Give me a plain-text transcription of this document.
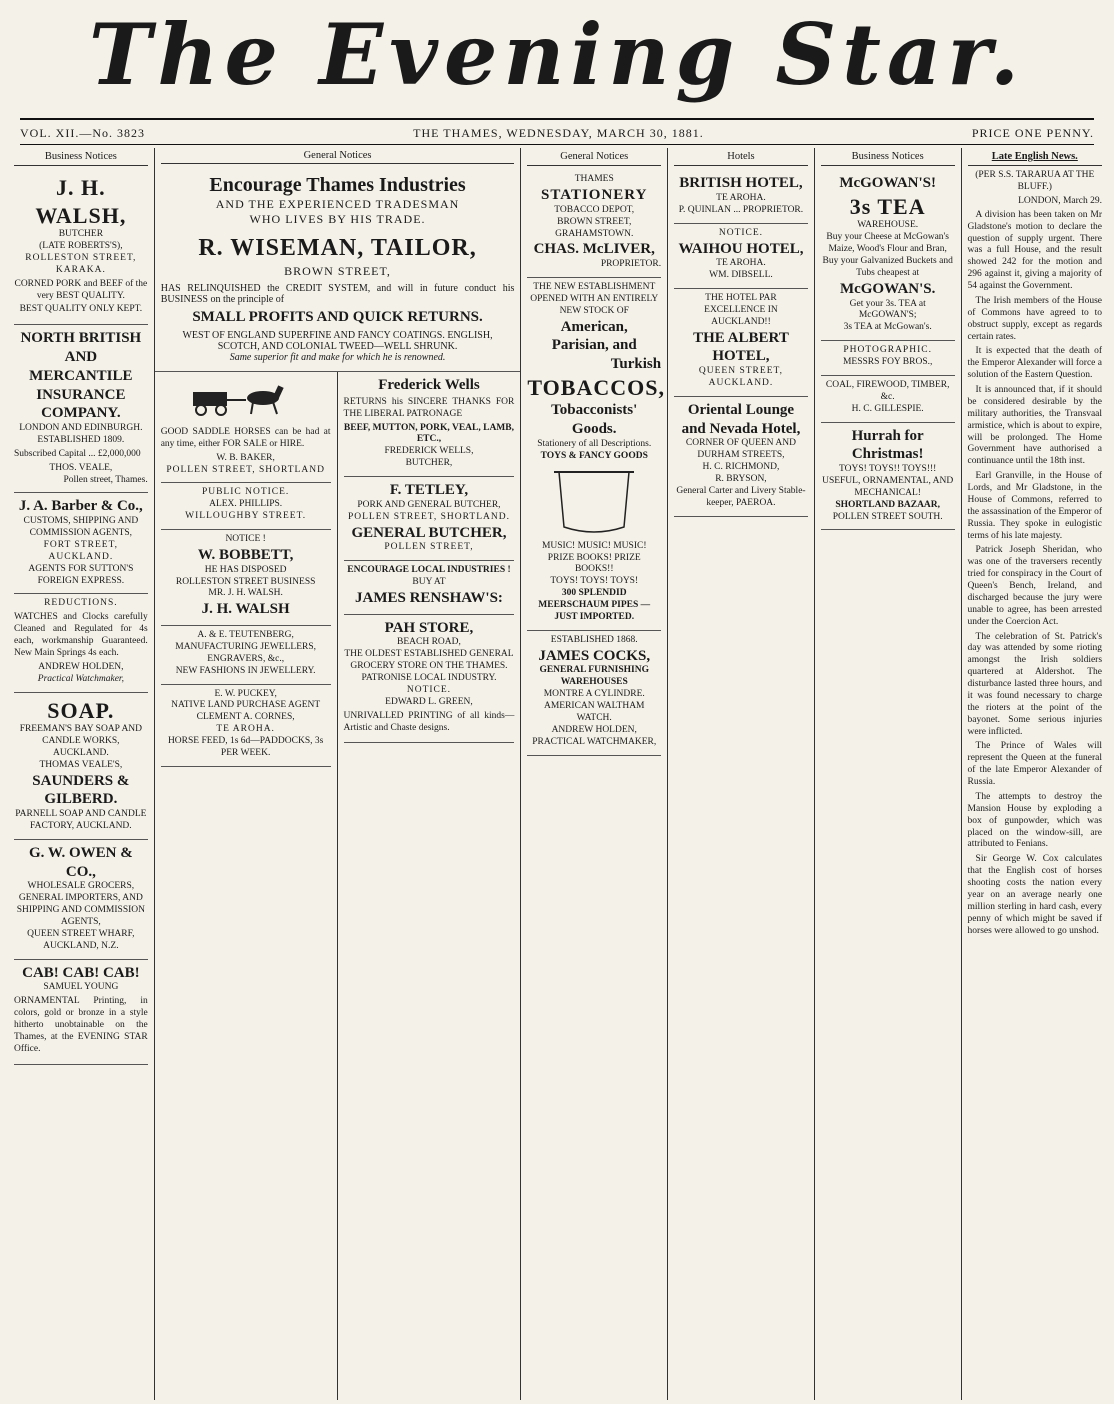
The Evening Star.
VOL. XII.—No. 3823	THE THAMES, WEDNESDAY, MARCH 30, 1881.	PRICE ONE PENNY.
Business Notices
J. H. WALSH,
BUTCHER
(LATE ROBERTS'S),
ROLLESTON STREET, KARAKA.

CORNED PORK and BEEF of the very BEST QUALITY.

BEST QUALITY ONLY KEPT.

NORTH BRITISH AND MERCANTILE INSURANCE COMPANY.
LONDON AND EDINBURGH.
ESTABLISHED 1809.

Subscribed Capital ... £2,000,000

THOS. VEALE,
Pollen street, Thames.
J. A. Barber & Co.,
CUSTOMS, SHIPPING AND COMMISSION AGENTS,
FORT STREET, AUCKLAND.
AGENTS FOR SUTTON'S FOREIGN EXPRESS.
REDUCTIONS.

WATCHES and Clocks carefully Cleaned and Regulated for 4s each, workmanship Guaranteed. New Main Springs 4s each.

ANDREW HOLDEN,
Practical Watchmaker,
SOAP.
FREEMAN'S BAY SOAP AND CANDLE WORKS, AUCKLAND.
THOMAS VEALE'S,
SAUNDERS & GILBERD.
PARNELL SOAP AND CANDLE FACTORY, AUCKLAND.
G. W. OWEN & CO.,
WHOLESALE GROCERS, GENERAL IMPORTERS, AND SHIPPING AND COMMISSION AGENTS,
QUEEN STREET WHARF, AUCKLAND, N.Z.
CAB! CAB! CAB!
SAMUEL YOUNG

ORNAMENTAL Printing, in colors, gold or bronze in a style hitherto unobtainable on the Thames, at the EVENING STAR Office.

General Notices
Encourage Thames Industries
AND THE EXPERIENCED TRADESMAN
WHO LIVES BY HIS TRADE.
R. WISEMAN, TAILOR,
BROWN STREET,

HAS RELINQUISHED the CREDIT SYSTEM, and will in future conduct his BUSINESS on the principle of

SMALL PROFITS AND QUICK RETURNS.

WEST OF ENGLAND SUPERFINE AND FANCY COATINGS. ENGLISH, SCOTCH, AND COLONIAL TWEED—WELL SHRUNK.

Same superior fit and make for which he is renowned.

GOOD SADDLE HORSES can be had at any time, either FOR SALE or HIRE.

W. B. BAKER,
POLLEN STREET, SHORTLAND
PUBLIC NOTICE.
ALEX. PHILLIPS.
WILLOUGHBY STREET.
NOTICE !
W. BOBBETT,
HE HAS DISPOSED
ROLLESTON STREET BUSINESS
MR. J. H. WALSH.
J. H. WALSH
A. & E. TEUTENBERG,
MANUFACTURING JEWELLERS, ENGRAVERS, &c.,
NEW FASHIONS IN JEWELLERY.
E. W. PUCKEY,
NATIVE LAND PURCHASE AGENT
CLEMENT A. CORNES,
TE AROHA.
HORSE FEED, 1s 6d—PADDOCKS, 3s PER WEEK.
Frederick Wells

RETURNS his SINCERE THANKS FOR THE LIBERAL PATRONAGE

BEEF, MUTTON, PORK, VEAL, LAMB, ETC.,
FREDERICK WELLS,
BUTCHER,
F. TETLEY,
PORK AND GENERAL BUTCHER,
POLLEN STREET, SHORTLAND.
GENERAL BUTCHER,
POLLEN STREET,
ENCOURAGE LOCAL INDUSTRIES !
BUY AT
JAMES RENSHAW'S:
PAH STORE,
BEACH ROAD,
THE OLDEST ESTABLISHED GENERAL GROCERY STORE ON THE THAMES.
PATRONISE LOCAL INDUSTRY.
NOTICE.
EDWARD L. GREEN,

UNRIVALLED PRINTING of all kinds—Artistic and Chaste designs.

General Notices
THAMES
STATIONERY
TOBACCO DEPOT,
BROWN STREET, GRAHAMSTOWN.
CHAS. McLIVER,
PROPRIETOR.
THE NEW ESTABLISHMENT
OPENED WITH AN ENTIRELY NEW STOCK OF
American,
Parisian, and
Turkish
TOBACCOS,
Tobacconists' Goods.
Stationery of all Descriptions.
TOYS & FANCY GOODS
MUSIC! MUSIC! MUSIC!
PRIZE BOOKS! PRIZE BOOKS!!
TOYS! TOYS! TOYS!
300 SPLENDID MEERSCHAUM PIPES —JUST IMPORTED.
ESTABLISHED 1868.
JAMES COCKS,
GENERAL FURNISHING WAREHOUSES
MONTRE A CYLINDRE.
AMERICAN WALTHAM WATCH.
ANDREW HOLDEN,
PRACTICAL WATCHMAKER,
Hotels
BRITISH HOTEL,
TE AROHA.
P. QUINLAN ... PROPRIETOR.
NOTICE.
WAIHOU HOTEL,
TE AROHA.
WM. DIBSELL.
THE HOTEL PAR EXCELLENCE IN AUCKLAND!!
THE ALBERT HOTEL,
QUEEN STREET, AUCKLAND.
Oriental Lounge and Nevada Hotel,
CORNER OF QUEEN AND DURHAM STREETS,
H. C. RICHMOND,
R. BRYSON,
General Carter and Livery Stable-keeper, PAEROA.
Business Notices
McGOWAN'S!
3s TEA
WAREHOUSE.
Buy your Cheese at McGowan's
Maize, Wood's Flour and Bran,
Buy your Galvanized Buckets and Tubs cheapest at
McGOWAN'S.
Get your 3s. TEA at McGOWAN'S;
3s TEA at McGowan's.
PHOTOGRAPHIC.
MESSRS FOY BROS.,
COAL, FIREWOOD, TIMBER, &c.
H. C. GILLESPIE.
Hurrah for Christmas!
TOYS! TOYS!! TOYS!!!
USEFUL, ORNAMENTAL, AND MECHANICAL!
SHORTLAND BAZAAR,
POLLEN STREET SOUTH.
Late English News.
(PER S.S. TARARUA AT THE BLUFF.)
LONDON, March 29.

A division has been taken on Mr Gladstone's motion to declare the question of supply urgent. There was a full House, and the result showed 242 for the motion and 296 against it, giving a majority of 54 against the Government.

The Irish members of the House of Commons have agreed to to obstruct supply, except as regards certain rates.

It is expected that the death of the Emperor Alexander will force a solution of the Eastern Question.

It is announced that, if it should be considered desirable by the military authorities, the Transvaal armistice, which is about to expire, will be prolonged. The Home Government have authorised a continuance until the 18th inst.

Earl Granville, in the House of Lords, and Mr Gladstone, in the House of Commons, referred to the assassination of the Emperor of Russia. They spoke in eulogistic terms of his late majesty.

Patrick Joseph Sheridan, who was one of the traversers recently tried for conspiracy in the Court of Queen's Bench, Ireland, and discharged because the jury were unable to agree, has been arrested under the Coercion Act.

The celebration of St. Patrick's day was attended by some rioting amongst the Irish soldiers quartered at Aldershot. The disturbance lasted three hours, and it was found necessary to charge the rioters at the point of the bayonet. Some serious injuries were inflicted.

The Prince of Wales will represent the Queen at the funeral of the late Emperor Alexander of Russia.

The attempts to destroy the Mansion House by exploding a box of gunpowder, which was placed on the window-sill, are attributed to Fenians.

Sir George W. Cox calculates that the English cost of horses shooting costs the nation every year on an average nearly one million sterling in hard cash, every penny of which might be saved if horses were allowed to go unshod.
